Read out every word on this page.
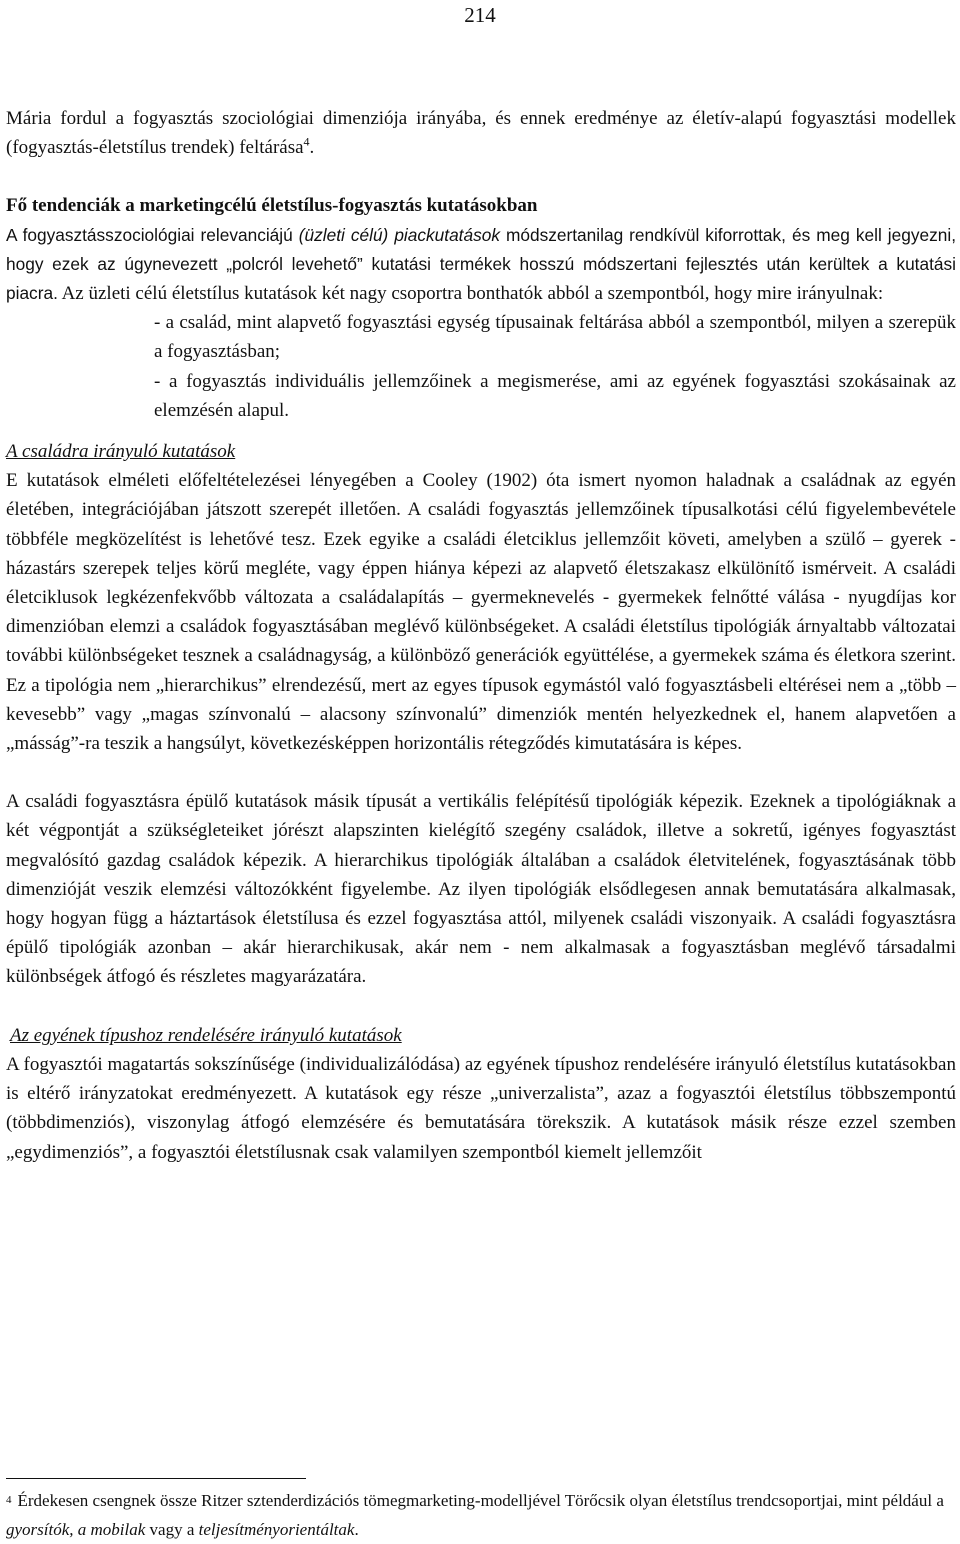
214

Mária fordul a fogyasztás szociológiai dimenziója irányába, és ennek eredménye az életív-alapú fogyasztási modellek (fogyasztás-életstílus trendek) feltárása$^4$.

Fő tendenciák a marketingcélú életstílus-fogyasztás kutatásokban

A fogyasztásszociológiai relevanciájú (üzleti célú) piackutatások módszertanilag rendkívül kiforrottak, és meg kell jegyezni, hogy ezek az úgynevezett „polcról levehető” kutatási termékek hosszú módszertani fejlesztés után kerültek a kutatási piacra. Az üzleti célú életstílus kutatások két nagy csoportra bonthatók abból a szempontból, hogy mire irányulnak:

- a család, mint alapvető fogyasztási egység típusainak feltárása abból a szempontból, milyen a szerepük a fogyasztásban;

- a fogyasztás individuális jellemzőinek a megismerése, ami az egyének fogyasztási szokásainak az elemzésén alapul.

A családra irányuló kutatások

E kutatások elméleti előfeltételezései lényegében a Cooley (1902) óta ismert nyomon haladnak a családnak az egyén életében, integrációjában játszott szerepét illetően. A családi fogyasztás jellemzőinek típusalkotási célú figyelembevétele többféle megközelítést is lehetővé tesz. Ezek egyike a családi életciklus jellemzőit követi, amelyben a szülő – gyerek - házastárs szerepek teljes körű megléte, vagy éppen hiánya képezi az alapvető életszakasz elkülönítő ismérveit. A családi életciklusok legkézenfekvőbb változata a családalapítás – gyermeknevelés - gyermekek felnőtté válása - nyugdíjas kor dimenzióban elemzi a családok fogyasztásában meglévő különbségeket. A családi életstílus tipológiák árnyaltabb változatai további különbségeket tesznek a családnagyság, a különböző generációk együttélése, a gyermekek száma és életkora szerint. Ez a tipológia nem „hierarchikus” elrendezésű, mert az egyes típusok egymástól való fogyasztásbeli eltérései nem a „több – kevesebb” vagy „magas színvonalú – alacsony színvonalú” dimenziók mentén helyezkednek el, hanem alapvetően a „másság”-ra teszik a hangsúlyt, következésképpen horizontális rétegződés kimutatására is képes.

A családi fogyasztásra épülő kutatások másik típusát a vertikális felépítésű tipológiák képezik. Ezeknek a tipológiáknak a két végpontját a szükségleteiket jórészt alapszinten kielégítő szegény családok, illetve a sokretű, igényes fogyasztást megvalósító gazdag családok képezik. A hierarchikus tipológiák általában a családok életvitelének, fogyasztásának több dimenzióját veszik elemzési változókként figyelembe. Az ilyen tipológiák elsődlegesen annak bemutatására alkalmasak, hogy hogyan függ a háztartások életstílusa és ezzel fogyasztása attól, milyenek családi viszonyaik. A családi fogyasztásra épülő tipológiák azonban – akár hierarchikusak, akár nem - nem alkalmasak a fogyasztásban meglévő társadalmi különbségek átfogó és részletes magyarázatára.

Az egyének típushoz rendelésére irányuló kutatások

A fogyasztói magatartás sokszínűsége (individualizálódása) az egyének típushoz rendelésére irányuló életstílus kutatásokban is eltérő irányzatokat eredményezett. A kutatások egy része „univerzalista”, azaz a fogyasztói életstílus többszempontú (többdimenziós), viszonylag átfogó elemzésére és bemutatására törekszik. A kutatások másik része ezzel szemben „egydimenziós”, a fogyasztói életstílusnak csak valamilyen szempontból kiemelt jellemzőit

$^4$ Érdekesen csengnek össze Ritzer sztenderdizációs tömegmarketing-modelljével Törőcsik olyan életstílus trendcsoportjai, mint például a gyorsítók, a mobilak vagy a teljesítményorientáltak.
